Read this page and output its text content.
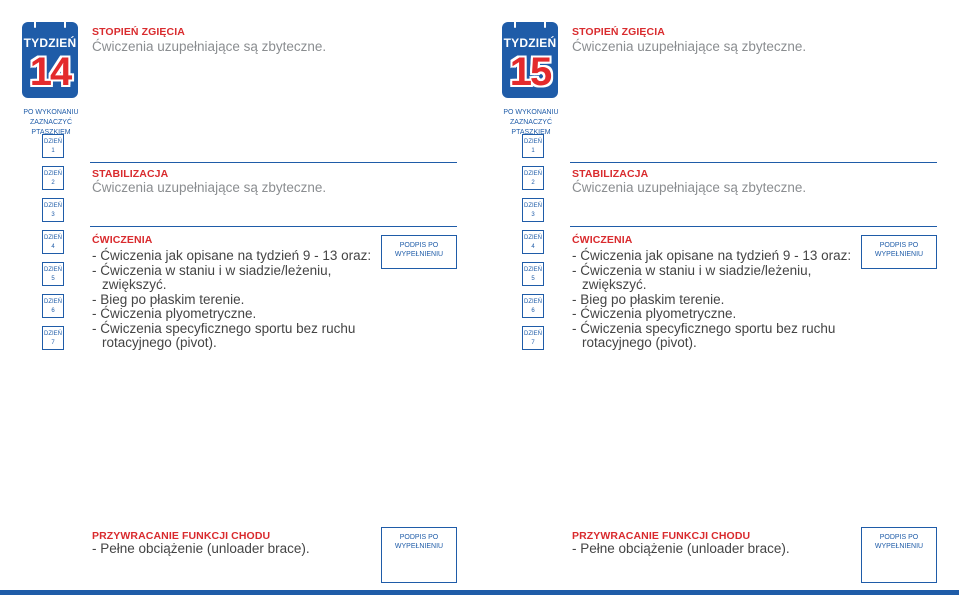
TYDZIEŃ
14
STOPIEŃ ZGIĘCIA
Ćwiczenia uzupełniające są zbyteczne.
PO WYKONANIU ZAZNACZYĆ PTASZKIEM
DZIEŃ
1
DZIEŃ
2
STABILIZACJA
Ćwiczenia uzupełniające są zbyteczne.
DZIEŃ
3
DZIEŃ
4
DZIEŃ
5
DZIEŃ
6
DZIEŃ
7
ĆWICZENIA
- Ćwiczenia jak opisane na tydzień 9 - 13 oraz:
- Ćwiczenia w staniu i w siadzie/leżeniu,
zwiększyć.
- Bieg po płaskim terenie.
- Ćwiczenia plyometryczne.
- Ćwiczenia specyficznego sportu bez ruchu
rotacyjnego (pivot).
PODPIS PO WYPEŁNIENIU
PRZYWRACANIE FUNKCJI CHODU
- Pełne obciążenie (unloader brace).
PODPIS PO WYPEŁNIENIU
TYDZIEŃ
15
STOPIEŃ ZGIĘCIA
Ćwiczenia uzupełniające są zbyteczne.
PO WYKONANIU ZAZNACZYĆ PTASZKIEM
DZIEŃ
1
DZIEŃ
2
STABILIZACJA
Ćwiczenia uzupełniające są zbyteczne.
DZIEŃ
3
DZIEŃ
4
DZIEŃ
5
DZIEŃ
6
DZIEŃ
7
ĆWICZENIA
- Ćwiczenia jak opisane na tydzień 9 - 13 oraz:
- Ćwiczenia w staniu i w siadzie/leżeniu,
zwiększyć.
- Bieg po płaskim terenie.
- Ćwiczenia plyometryczne.
- Ćwiczenia specyficznego sportu bez ruchu
rotacyjnego (pivot).
PODPIS PO WYPEŁNIENIU
PRZYWRACANIE FUNKCJI CHODU
- Pełne obciążenie (unloader brace).
PODPIS PO WYPEŁNIENIU
